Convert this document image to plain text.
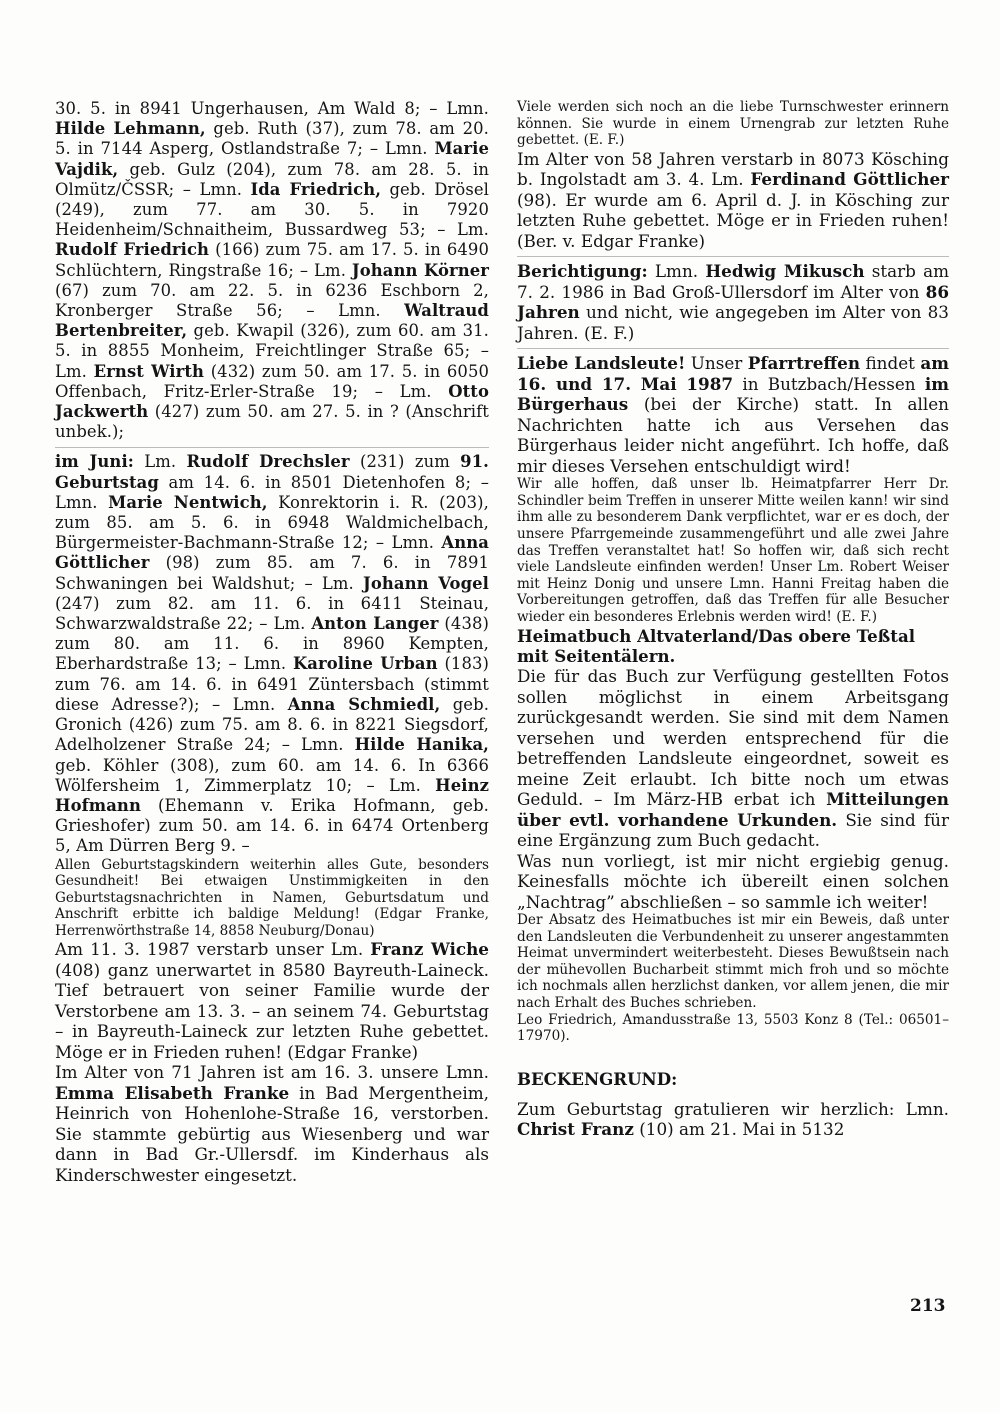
30. 5. in 8941 Ungerhausen, Am Wald 8; – Lmn. Hilde Lehmann, geb. Ruth (37), zum 78. am 20. 5. in 7144 Asperg, Ostlandstraße 7; – Lmn. Marie Vajdik, geb. Gulz (204), zum 78. am 28. 5. in Olmütz/ČSSR; – Lmn. Ida Friedrich, geb. Drösel (249), zum 77. am 30. 5. in 7920 Heidenheim/Schnaitheim, Bussardweg 53; – Lm. Rudolf Friedrich (166) zum 75. am 17. 5. in 6490 Schlüchtern, Ringstraße 16; – Lm. Johann Körner (67) zum 70. am 22. 5. in 6236 Eschborn 2, Kronberger Straße 56; – Lmn. Waltraud Bertenbreiter, geb. Kwapil (326), zum 60. am 31. 5. in 8855 Monheim, Freichtlinger Straße 65; – Lm. Ernst Wirth (432) zum 50. am 17. 5. in 6050 Offenbach, Fritz-Erler-Straße 19; – Lm. Otto Jackwerth (427) zum 50. am 27. 5. in ? (Anschrift unbek.);

im Juni: Lm. Rudolf Drechsler (231) zum 91. Geburtstag am 14. 6. in 8501 Dietenhofen 8; – Lmn. Marie Nentwich, Konrektorin i. R. (203), zum 85. am 5. 6. in 6948 Waldmichelbach, Bürgermeister-Bachmann-Straße 12; – Lmn. Anna Göttlicher (98) zum 85. am 7. 6. in 7891 Schwaningen bei Waldshut; – Lm. Johann Vogel (247) zum 82. am 11. 6. in 6411 Steinau, Schwarzwaldstraße 22; – Lm. Anton Langer (438) zum 80. am 11. 6. in 8960 Kempten, Eberhardstraße 13; – Lmn. Karoline Urban (183) zum 76. am 14. 6. in 6491 Züntersbach (stimmt diese Adresse?); – Lmn. Anna Schmiedl, geb. Gronich (426) zum 75. am 8. 6. in 8221 Siegsdorf, Adelholzener Straße 24; – Lmn. Hilde Hanika, geb. Köhler (308), zum 60. am 14. 6. In 6366 Wölfersheim 1, Zimmerplatz 10; – Lm. Heinz Hofmann (Ehemann v. Erika Hofmann, geb. Grieshofer) zum 50. am 14. 6. in 6474 Ortenberg 5, Am Dürren Berg 9. –

Allen Geburtstagskindern weiterhin alles Gute, besonders Gesundheit! Bei etwaigen Unstimmigkeiten in den Geburtstagsnachrichten in Namen, Geburtsdatum und Anschrift erbitte ich baldige Meldung! (Edgar Franke, Herrenwörthstraße 14, 8858 Neuburg/Donau)

Am 11. 3. 1987 verstarb unser Lm. Franz Wiche (408) ganz unerwartet in 8580 Bayreuth-Laineck. Tief betrauert von seiner Familie wurde der Verstorbene am 13. 3. – an seinem 74. Geburtstag – in Bayreuth-Laineck zur letzten Ruhe gebettet. Möge er in Frieden ruhen! (Edgar Franke)

Im Alter von 71 Jahren ist am 16. 3. unsere Lmn. Emma Elisabeth Franke in Bad Mergentheim, Heinrich von Hohenlohe-Straße 16, verstorben. Sie stammte gebürtig aus Wiesenberg und war dann in Bad Gr.-Ullersdf. im Kinderhaus als Kinderschwester eingesetzt.

Viele werden sich noch an die liebe Turnschwester erinnern können. Sie wurde in einem Urnengrab zur letzten Ruhe gebettet. (E. F.)

Im Alter von 58 Jahren verstarb in 8073 Kösching b. Ingolstadt am 3. 4. Lm. Ferdinand Göttlicher (98). Er wurde am 6. April d. J. in Kösching zur letzten Ruhe gebettet. Möge er in Frieden ruhen! (Ber. v. Edgar Franke)

Berichtigung: Lmn. Hedwig Mikusch starb am 7. 2. 1986 in Bad Groß-Ullersdorf im Alter von 86 Jahren und nicht, wie angegeben im Alter von 83 Jahren. (E. F.)

Liebe Landsleute! Unser Pfarrtreffen findet am 16. und 17. Mai 1987 in Butzbach/Hessen im Bürgerhaus (bei der Kirche) statt. In allen Nachrichten hatte ich aus Versehen das Bürgerhaus leider nicht angeführt. Ich hoffe, daß mir dieses Versehen entschuldigt wird!

Wir alle hoffen, daß unser lb. Heimatpfarrer Herr Dr. Schindler beim Treffen in unserer Mitte weilen kann! wir sind ihm alle zu besonderem Dank verpflichtet, war er es doch, der unsere Pfarrgemeinde zusammengeführt und alle zwei Jahre das Treffen veranstaltet hat! So hoffen wir, daß sich recht viele Landsleute einfinden werden! Unser Lm. Robert Weiser mit Heinz Donig und unsere Lmn. Hanni Freitag haben die Vorbereitungen getroffen, daß das Treffen für alle Besucher wieder ein besonderes Erlebnis werden wird! (E. F.)

Heimatbuch Altvaterland/Das obere Teßtal mit Seitentälern.

Die für das Buch zur Verfügung gestellten Fotos sollen möglichst in einem Arbeitsgang zurückgesandt werden. Sie sind mit dem Namen versehen und werden entsprechend für die betreffenden Landsleute eingeordnet, soweit es meine Zeit erlaubt. Ich bitte noch um etwas Geduld. – Im März-HB erbat ich Mitteilungen über evtl. vorhandene Urkunden. Sie sind für eine Ergänzung zum Buch gedacht.

Was nun vorliegt, ist mir nicht ergiebig genug. Keinesfalls möchte ich übereilt einen solchen „Nachtrag” abschließen – so sammle ich weiter!

Der Absatz des Heimatbuches ist mir ein Beweis, daß unter den Landsleuten die Verbundenheit zu unserer angestammten Heimat unvermindert weiterbesteht. Dieses Bewußtsein nach der mühevollen Bucharbeit stimmt mich froh und so möchte ich nochmals allen herzlichst danken, vor allem jenen, die mir nach Erhalt des Buches schrieben.

Leo Friedrich, Amandusstraße 13, 5503 Konz 8 (Tel.: 06501–17970).

BECKENGRUND:

Zum Geburtstag gratulieren wir herzlich: Lmn. Christ Franz (10) am 21. Mai in 5132

213
